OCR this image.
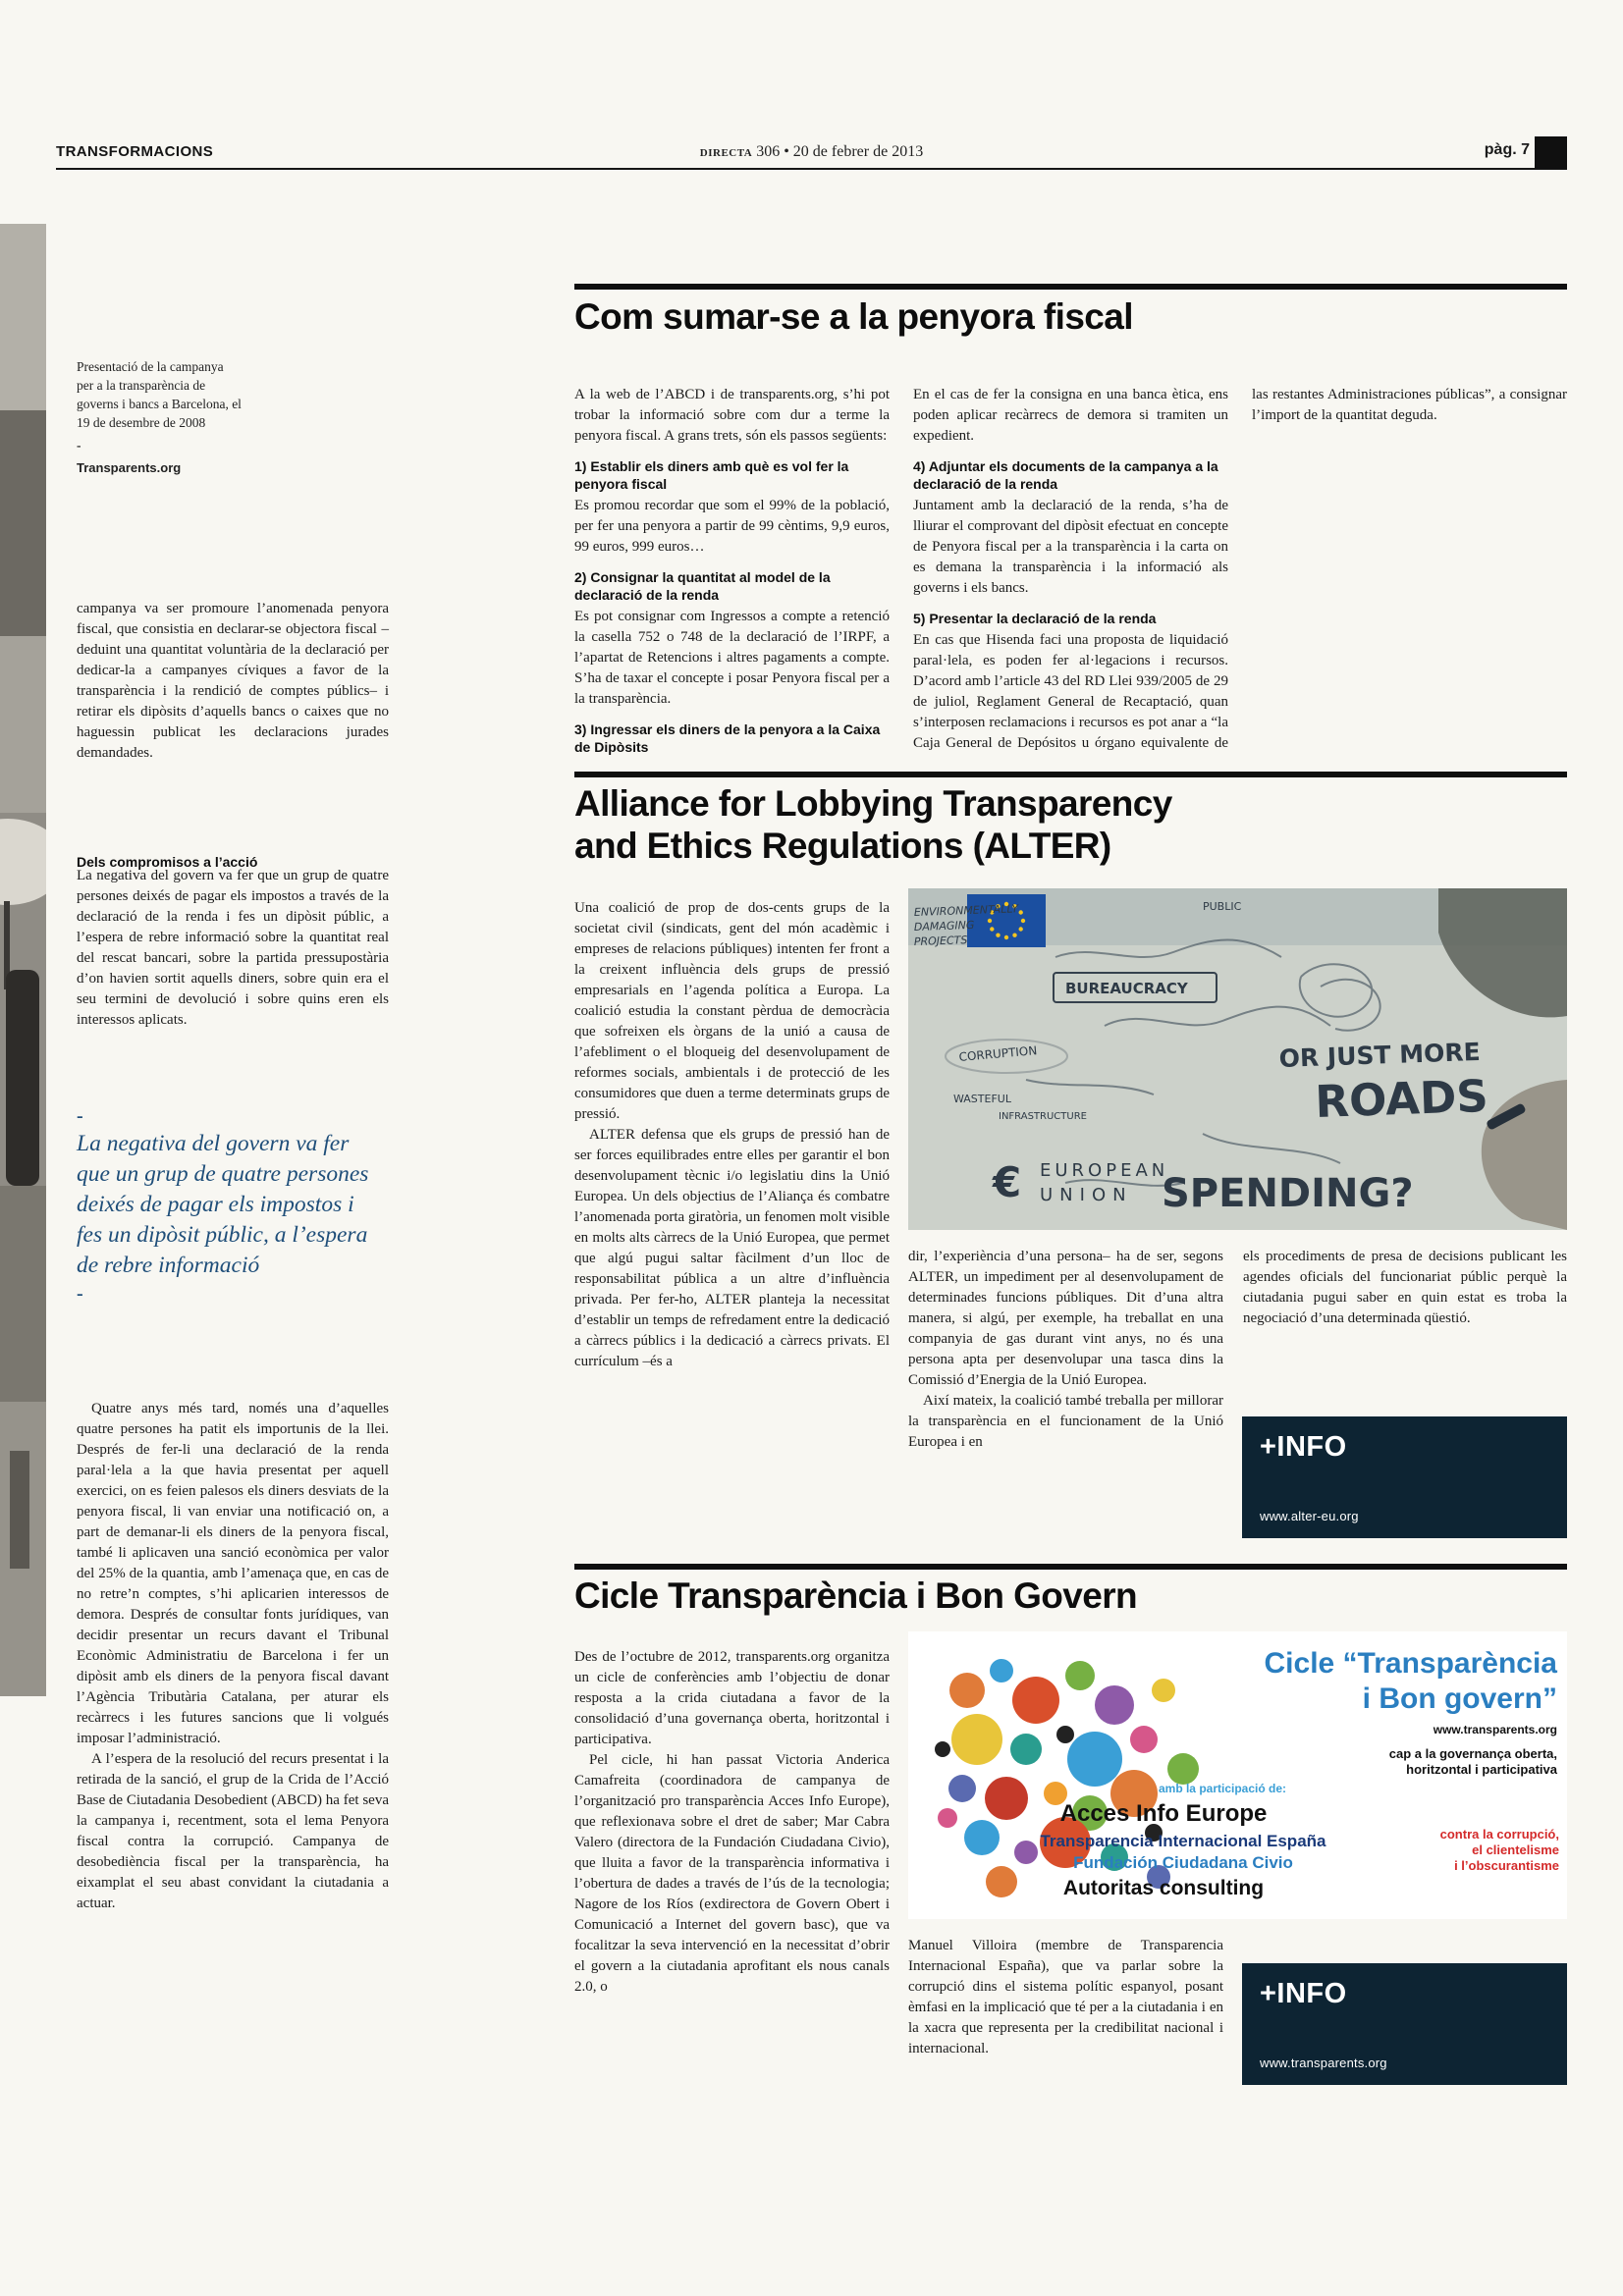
TRANSFORMACIONS	directa 306 • 20 de febrer de 2013	pàg. 7
Presentació de la campanya per a la transparència de governs i bancs a Barcelona, el 19 de desembre de 2008
-
Transparents.org

campanya va ser promoure l’anomenada penyora fiscal, que consistia en declarar-se objectora fiscal –deduint una quantitat voluntària de la declaració per dedicar-la a campanyes cíviques a favor de la transparència i la rendició de comptes públics– i retirar els dipòsits d’aquells bancs o caixes que no haguessin publicat les declaracions jurades demandades.

Dels compromisos a l’acció

La negativa del govern va fer que un grup de quatre persones deixés de pagar els impostos a través de la declaració de la renda i fes un dipòsit públic, a l’espera de rebre informació sobre la quantitat real del rescat bancari, sobre la partida pressupostària d’on havien sortit aquells diners, sobre quin era el seu termini de devolució i sobre quins eren els interessos aplicats.

-
La negativa del govern va fer que un grup de quatre persones deixés de pagar els impostos i fes un dipòsit públic, a l’espera de rebre informació
-

Quatre anys més tard, només una d’aquelles quatre persones ha patit els importunis de la llei. Després de fer-li una declaració de la renda paral·lela a la que havia presentat per aquell exercici, on es feien palesos els diners desviats de la penyora fiscal, li van enviar una notificació on, a part de demanar-li els diners de la penyora fiscal, també li aplicaven una sanció econòmica per valor del 25% de la quantia, amb l’amenaça que, en cas de no retre’n comptes, s’hi aplicarien interessos de demora. Després de consultar fonts jurídiques, van decidir presentar un recurs davant el Tribunal Econòmic Administratiu de Barcelona i fer un dipòsit amb els diners de la penyora fiscal davant l’Agència Tributària Catalana, per aturar els recàrrecs i les futures sancions que li volgués imposar l’administració.

A l’espera de la resolució del recurs presentat i la retirada de la sanció, el grup de la Crida de l’Acció Base de Ciutadania Desobedient (ABCD) ha fet seva la campanya i, recentment, sota el lema Penyora fiscal contra la corrupció. Campanya de desobediència fiscal per la transparència, ha eixamplat el seu abast convidant la ciutadania a actuar.

Com sumar-se a la penyora fiscal

A la web de l’ABCD i de transparents.org, s’hi pot trobar la informació sobre com dur a terme la penyora fiscal. A grans trets, són els passos següents:

1) Establir els diners amb què es vol fer la penyora fiscal

Es promou recordar que som el 99% de la població, per fer una penyora a partir de 99 cèntims, 9,9 euros, 99 euros, 999 euros…

2) Consignar la quantitat al model de la declaració de la renda

Es pot consignar com Ingressos a compte a retenció la casella 752 o 748 de la declaració de l’IRPF, a l’apartat de Retencions i altres pagaments a compte. S’ha de taxar el concepte i posar Penyora fiscal per a la transparència.

3) Ingressar els diners de la penyora a la Caixa de Dipòsits

En el cas de fer la consigna en una banca ètica, ens poden aplicar recàrrecs de demora si tramiten un expedient.

4) Adjuntar els documents de la campanya a la declaració de la renda

Juntament amb la declaració de la renda, s’ha de lliurar el comprovant del dipòsit efectuat en concepte de Penyora fiscal per a la transparència i la carta on es demana la transparència i la informació als governs i els bancs.

5) Presentar la declaració de la renda

En cas que Hisenda faci una proposta de liquidació paral·lela, es poden fer al·legacions i recursos. D’acord amb l’article 43 del RD Llei 939/2005 de 29 de juliol, Reglament General de Recaptació, quan s’interposen reclamacions i recursos es pot anar a “la Caja General de Depósitos u órgano equivalente de las restantes Administraciones públicas”, a consignar l’import de la quantitat deguda.

Alliance for Lobbying Transparency
and Ethics Regulations (ALTER)

Una coalició de prop de dos-cents grups de la societat civil (sindicats, gent del món acadèmic i empreses de relacions públiques) intenten fer front a la creixent influència dels grups de pressió empresarials en l’agenda política a Europa. La coalició estudia la constant pèrdua de democràcia que sofreixen els òrgans de la unió a causa de l’afebliment o el bloqueig del desenvolupament de reformes socials, ambientals i de protecció de les consumidores que duen a terme determinats grups de pressió.

ALTER defensa que els grups de pressió han de ser forces equilibrades entre elles per garantir el bon desenvolupament tècnic i/o legislatiu dins la Unió Europea. Un dels objectius de l’Aliança és combatre l’anomenada porta giratòria, un fenomen molt visible en molts alts càrrecs de la Unió Europea, que permet que algú pugui saltar fàcilment d’un lloc de responsabilitat pública a un altre d’influència privada. Per fer-ho, ALTER planteja la necessitat d’establir un temps de refredament entre la dedicació a càrrecs públics i la dedicació a càrrecs privats. El currículum –és a

ENVIRONMENTALLY
DAMAGING
PROJECTS
PUBLIC
BUREAUCRACY
CORRUPTION
WASTEFUL
INFRASTRUCTURE
OR JUST MORE
ROADS
€ EUROPEAN
UNION SPENDING?

dir, l’experiència d’una persona– ha de ser, segons ALTER, un impediment per al desenvolupament de determinades funcions públiques. Dit d’una altra manera, si algú, per exemple, ha treballat en una companyia de gas durant vint anys, no és una persona apta per desenvolupar una tasca dins la Comissió d’Energia de la Unió Europea.

Així mateix, la coalició també treballa per millorar la transparència en el funcionament de la Unió Europea i en

els procediments de presa de decisions publicant les agendes oficials del funcionariat públic perquè la ciutadania pugui saber en quin estat es troba la negociació d’una determinada qüestió.

+INFO
www.alter-eu.org
Cicle Transparència i Bon Govern

Des de l’octubre de 2012, transparents.org organitza un cicle de conferències amb l’objectiu de donar resposta a la crida ciutadana a favor de la consolidació d’una governança oberta, horitzontal i participativa.

Pel cicle, hi han passat Victoria Anderica Camafreita (coordinadora de campanya de l’organització pro transparència Acces Info Europe), que reflexionava sobre el dret de saber; Mar Cabra Valero (directora de la Fundación Ciudadana Civio), que lluita a favor de la transparència informativa i l’obertura de dades a través de l’ús de la tecnologia; Nagore de los Ríos (exdirectora de Govern Obert i Comunicació a Internet del govern basc), que va focalitzar la seva intervenció en la necessitat d’obrir el govern a la ciutadania aprofitant els nous canals 2.0, o

Cicle “Transparència
i Bon govern”
www.transparents.org
cap a la governança oberta,
horitzontal i participativa
amb la participació de:
Acces Info Europe
Transparencia Internacional España
Fundación Ciudadana Civio
Autoritas consulting
contra la corrupció,
el clientelisme
i l’obscurantisme

Manuel Villoira (membre de Transparencia Internacional España), que va parlar sobre la corrupció dins el sistema polític espanyol, posant èmfasi en la implicació que té per a la ciutadania i en la xacra que representa per la credibilitat nacional i internacional.

+INFO
www.transparents.org
